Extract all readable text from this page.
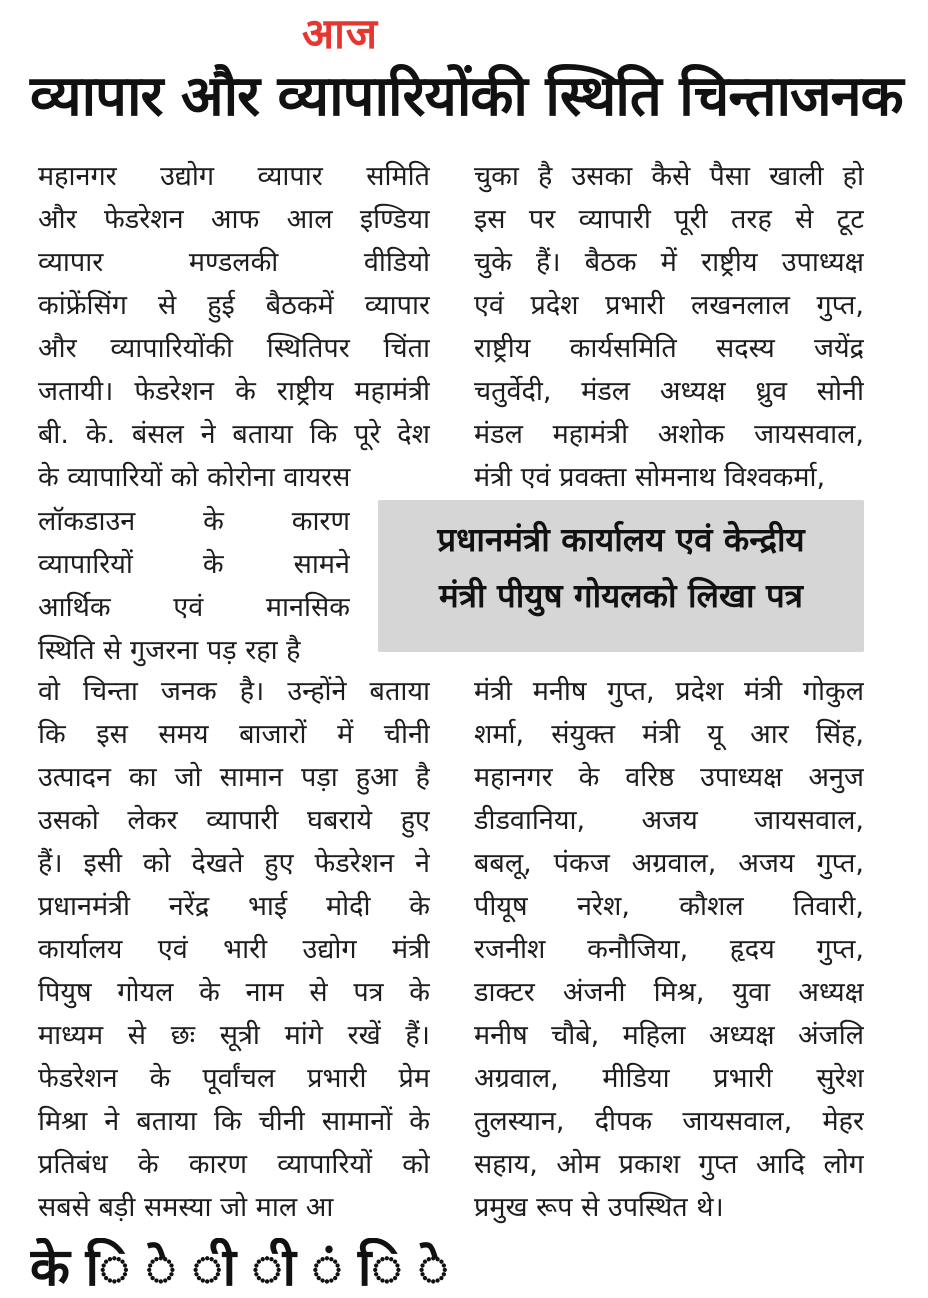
आज
व्यापार और व्यापारियोंकी स्थिति चिन्ताजनक
महानगर उद्योग व्यापार समिति
और फेडरेशन आफ आल इण्डिया
व्यापार मण्डलकी वीडियो
कांफ्रेंसिंग से हुई बैठकमें व्यापार
और व्यापारियोंकी स्थितिपर चिंता
जतायी। फेडरेशन के राष्ट्रीय महामंत्री
बी. के. बंसल ने बताया कि पूरे देश
के व्यापारियों को कोरोना वायरस
लॉकडाउन के कारण
व्यापारियों के सामने
आर्थिक एवं मानसिक
स्थिति से गुजरना पड़ रहा है
वो चिन्ता जनक है। उन्होंने बताया
कि इस समय बाजारों में चीनी
उत्पादन का जो सामान पड़ा हुआ है
उसको लेकर व्यापारी घबराये हुए
हैं। इसी को देखते हुए फेडरेशन ने
प्रधानमंत्री नरेंद्र भाई मोदी के
कार्यालय एवं भारी उद्योग मंत्री
पियुष गोयल के नाम से पत्र के
माध्यम से छः सूत्री मांगे रखें हैं।
फेडरेशन के पूर्वांचल प्रभारी प्रेम
मिश्रा ने बताया कि चीनी सामानों के
प्रतिबंध के कारण व्यापारियों को
सबसे बड़ी समस्या जो माल आ
चुका है उसका कैसे पैसा खाली हो
इस पर व्यापारी पूरी तरह से टूट
चुके हैं। बैठक में राष्ट्रीय उपाध्यक्ष
एवं प्रदेश प्रभारी लखनलाल गुप्त,
राष्ट्रीय कार्यसमिति सदस्य जयेंद्र
चतुर्वेदी, मंडल अध्यक्ष ध्रुव सोनी
मंडल महामंत्री अशोक जायसवाल,
मंत्री एवं प्रवक्ता सोमनाथ विश्वकर्मा,
मंत्री मनीष गुप्त, प्रदेश मंत्री गोकुल
शर्मा, संयुक्त मंत्री यू आर सिंह,
महानगर के वरिष्ठ उपाध्यक्ष अनुज
डीडवानिया, अजय जायसवाल,
बबलू, पंकज अग्रवाल, अजय गुप्त,
पीयूष नरेश, कौशल तिवारी,
रजनीश कनौजिया, हृदय गुप्त,
डाक्टर अंजनी मिश्र, युवा अध्यक्ष
मनीष चौबे, महिला अध्यक्ष अंजलि
अग्रवाल, मीडिया प्रभारी सुरेश
तुलस्यान, दीपक जायसवाल, मेहर
सहाय, ओम प्रकाश गुप्त आदि लोग
प्रमुख रूप से उपस्थित थे।
प्रधानमंत्री कार्यालय एवं केन्द्रीय
मंत्री पीयुष गोयलको लिखा पत्र
के ि े ी ी ं ि े
